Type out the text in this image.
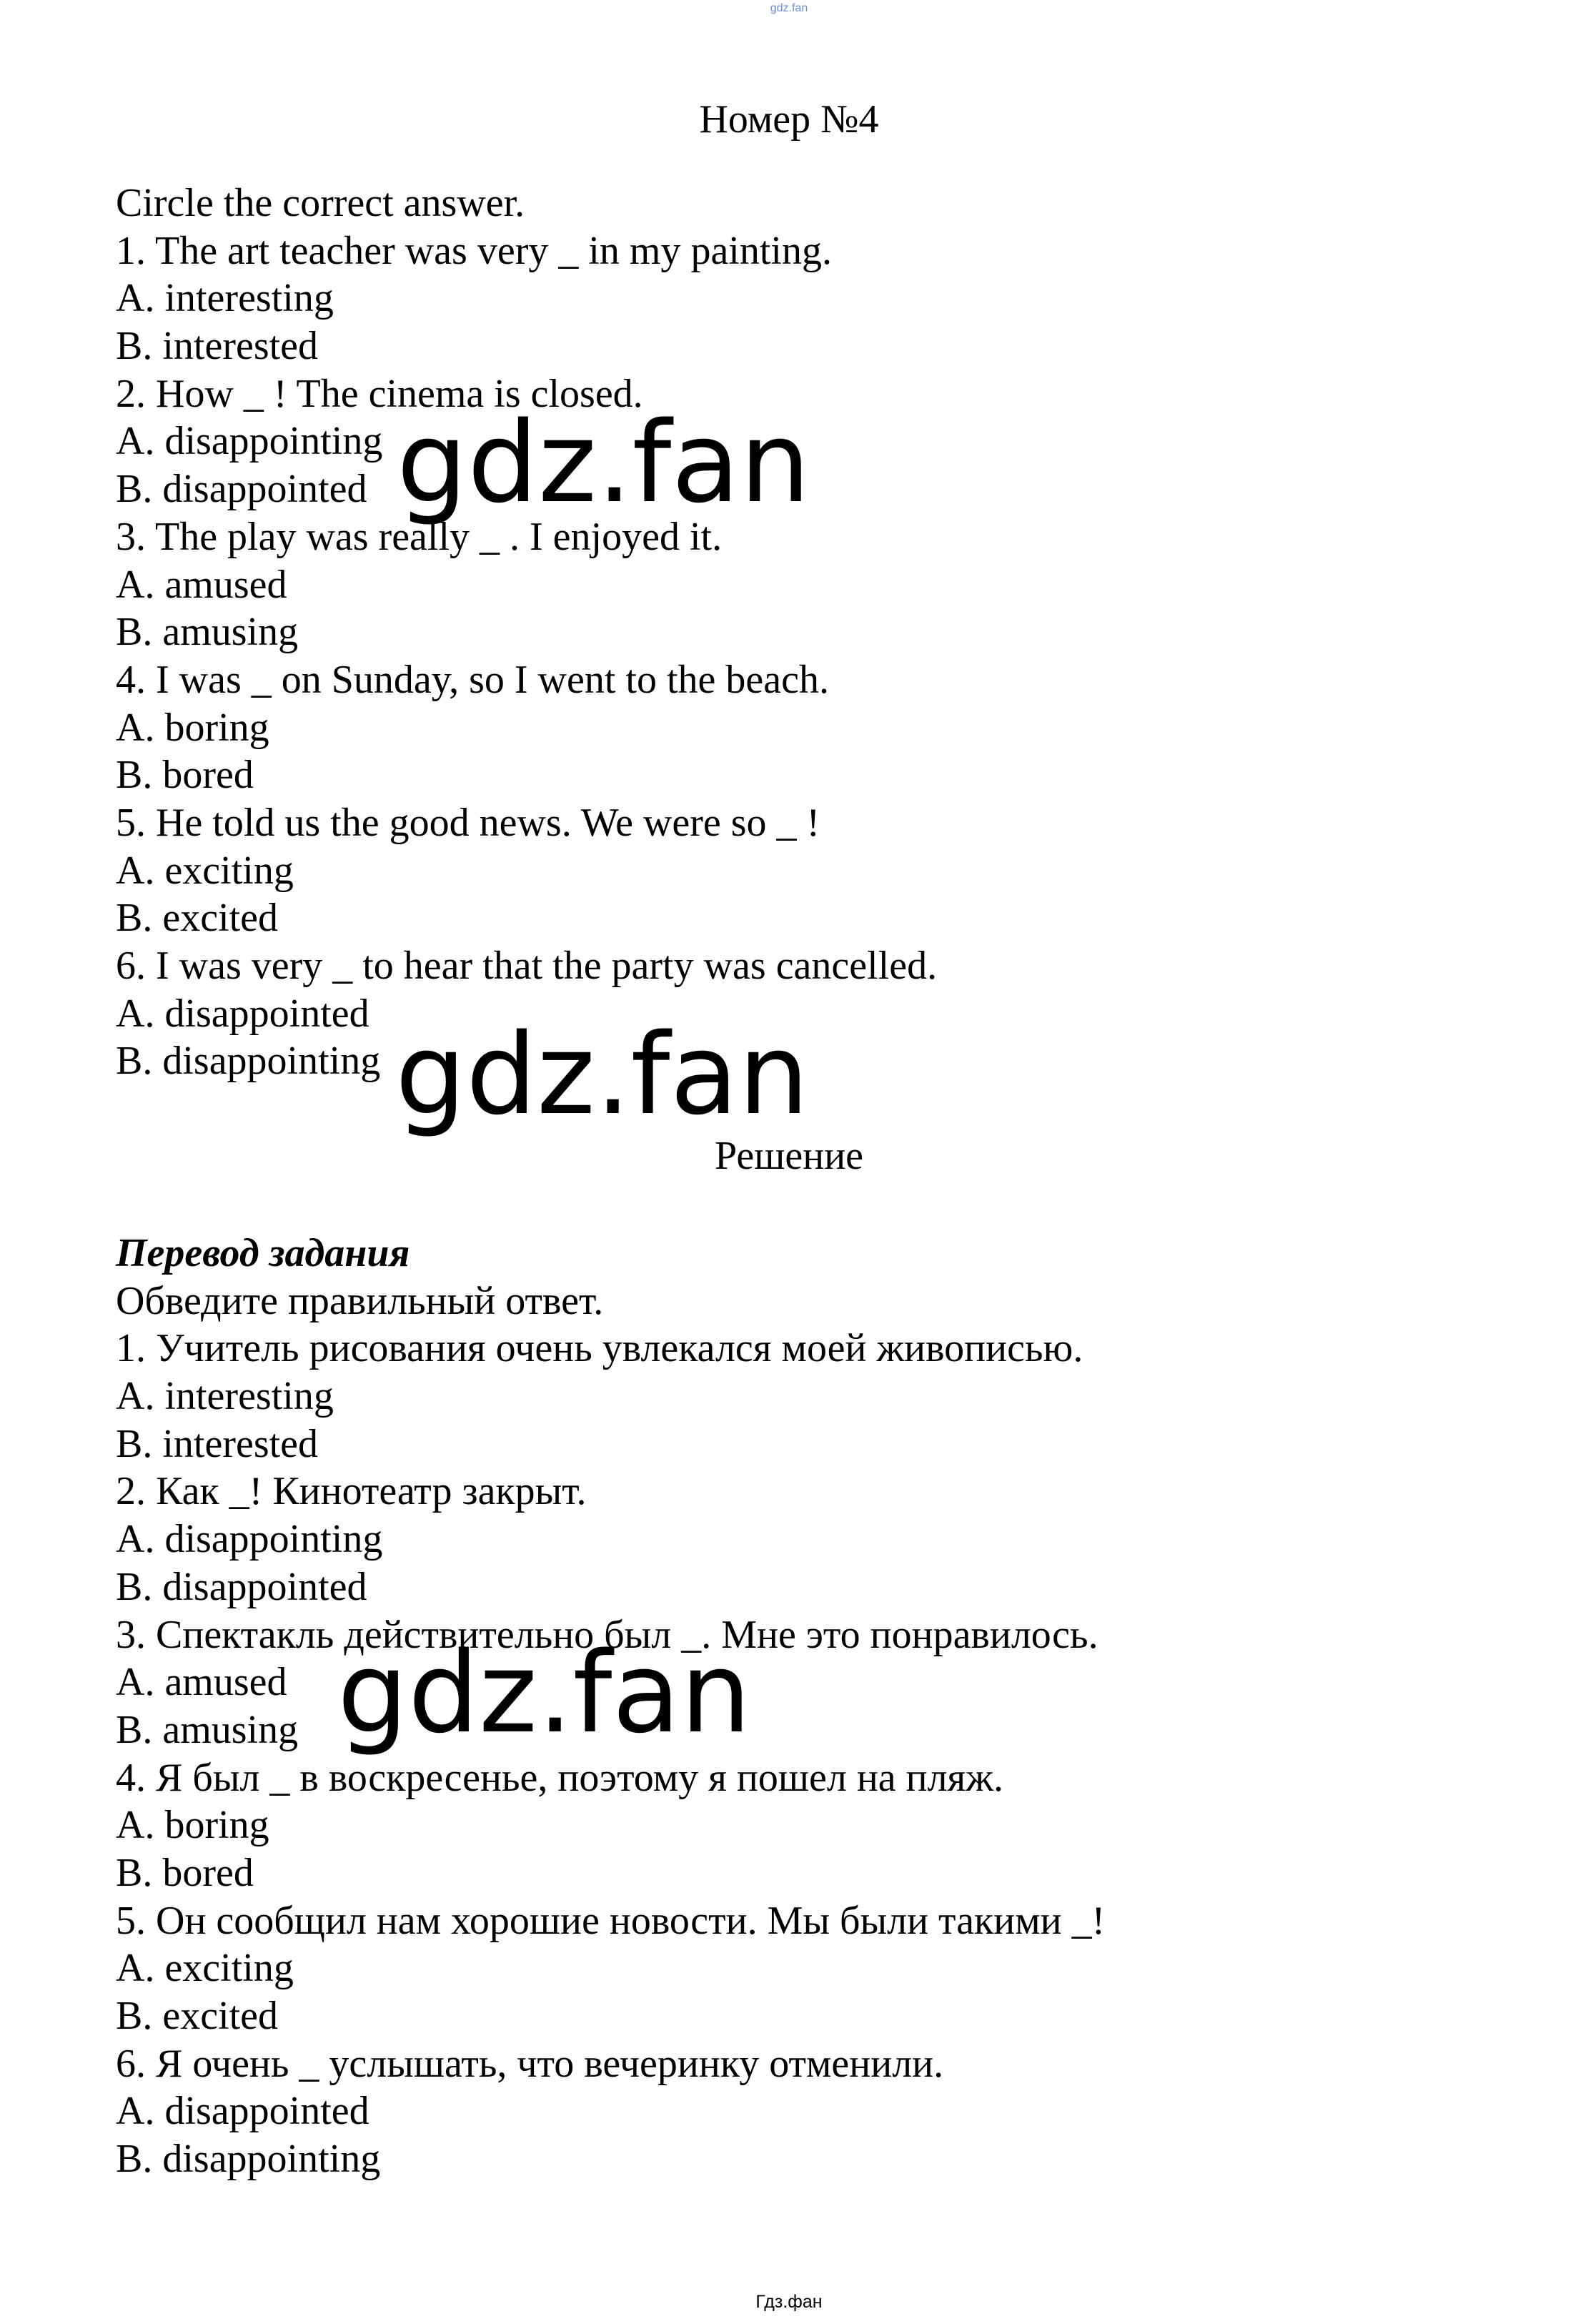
gdz.fan
Номер №4
Circle the correct answer.
1. The art teacher was very _ in my painting.
A. interesting
B. interested
2. How _ ! The cinema is closed.
A. disappointing
B. disappointed
3. The play was really _ . I enjoyed it.
A. amused
B. amusing
4. I was _ on Sunday, so I went to the beach.
A. boring
B. bored
5. He told us the good news. We were so _ !
A. exciting
B. excited
6. I was very _ to hear that the party was cancelled.
A. disappointed
B. disappointing
Решение
Перевод задания
Обведите правильный ответ.
1. Учитель рисования очень увлекался моей живописью.
A. interesting
B. interested
2. Как _! Кинотеатр закрыт.
A. disappointing
B. disappointed
3. Спектакль действительно был _. Мне это понравилось.
A. amused
B. amusing
4. Я был _ в воскресенье, поэтому я пошел на пляж.
A. boring
B. bored
5. Он сообщил нам хорошие новости. Мы были такими _!
A. exciting
B. excited
6. Я очень _ услышать, что вечеринку отменили.
A. disappointed
B. disappointing
gdz.fan
gdz.fan
gdz.fan
Гдз.фан
